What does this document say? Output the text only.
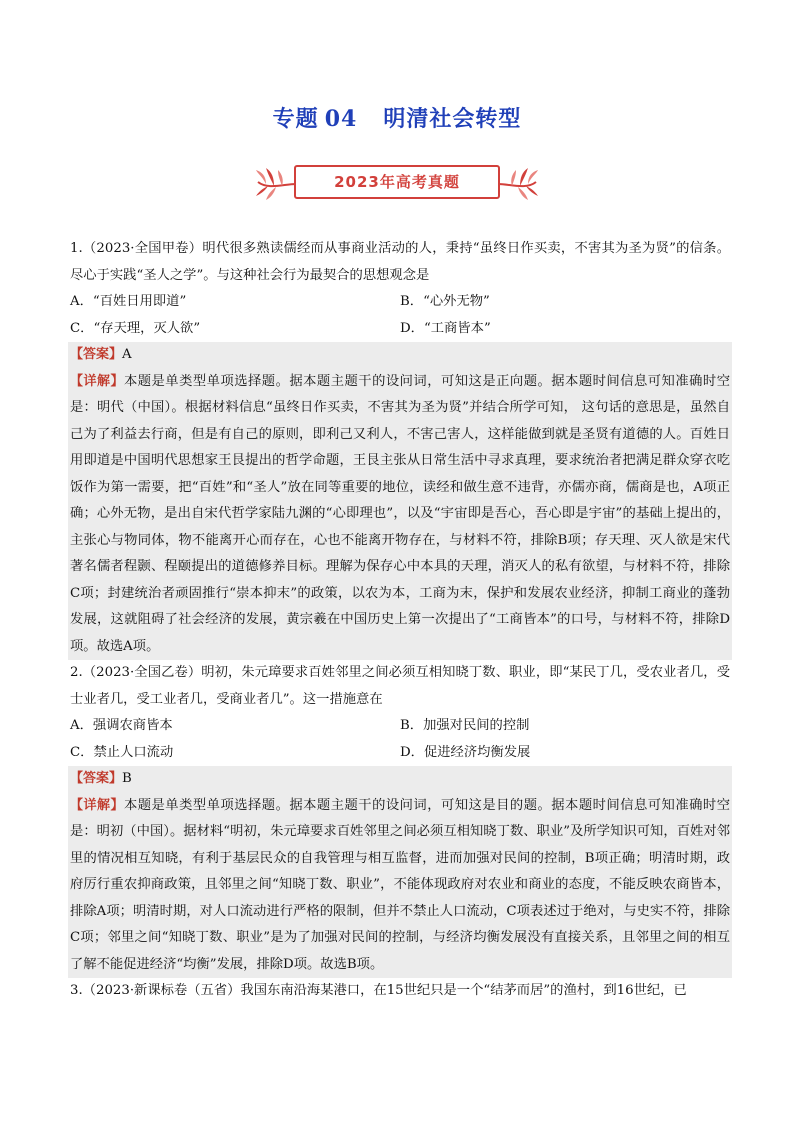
专题 04 明清社会转型
2023年高考真题

1.（2023·全国甲卷）明代很多熟读儒经而从事商业活动的人，秉持“虽终日作买卖，不害其为圣为贤”的信条。尽心于实践“圣人之学”。与这种社会行为最契合的思想观念是

A．“百姓日用即道”	B．“心外无物”
C．“存天理，灭人欲”	D．“工商皆本”
【答案】A
【详解】本题是单类型单项选择题。据本题主题干的设问词，可知这是正向题。据本题时间信息可知准确时空是：明代（中国）。根据材料信息“虽终日作买卖，不害其为圣为贤”并结合所学可知， 这句话的意思是，虽然自己为了利益去行商，但是有自己的原则，即利己又利人，不害己害人，这样能做到就是圣贤有道德的人。百姓日用即道是中国明代思想家王艮提出的哲学命题，王艮主张从日常生活中寻求真理，要求统治者把满足群众穿衣吃饭作为第一需要，把“百姓”和“圣人”放在同等重要的地位，读经和做生意不违背，亦儒亦商，儒商是也，A项正确；心外无物，是出自宋代哲学家陆九渊的“心即理也”，以及“宇宙即是吾心，吾心即是宇宙”的基础上提出的，主张心与物同体，物不能离开心而存在，心也不能离开物存在，与材料不符，排除B项；存天理、灭人欲是宋代著名儒者程颢、程颐提出的道德修养目标。理解为保存心中本具的天理，消灭人的私有欲望，与材料不符，排除C项；封建统治者顽固推行“崇本抑末”的政策，以农为本，工商为末，保护和发展农业经济，抑制工商业的蓬勃发展，这就阻碍了社会经济的发展，黄宗羲在中国历史上第一次提出了“工商皆本”的口号，与材料不符，排除D项。故选A项。

2.（2023·全国乙卷）明初，朱元璋要求百姓邻里之间必须互相知晓丁数、职业，即“某民丁几，受农业者几，受士业者几，受工业者几，受商业者几”。这一措施意在

A．强调农商皆本	B．加强对民间的控制
C．禁止人口流动	D．促进经济均衡发展
【答案】B
【详解】本题是单类型单项选择题。据本题主题干的设问词，可知这是目的题。据本题时间信息可知准确时空是：明初（中国）。据材料“明初，朱元璋要求百姓邻里之间必须互相知晓丁数、职业”及所学知识可知，百姓对邻里的情况相互知晓，有利于基层民众的自我管理与相互监督，进而加强对民间的控制，B项正确；明清时期，政府厉行重农抑商政策，且邻里之间“知晓丁数、职业”，不能体现政府对农业和商业的态度，不能反映农商皆本，排除A项；明清时期，对人口流动进行严格的限制，但并不禁止人口流动，C项表述过于绝对，与史实不符，排除C项；邻里之间“知晓丁数、职业”是为了加强对民间的控制，与经济均衡发展没有直接关系，且邻里之间的相互了解不能促进经济“均衡”发展，排除D项。故选B项。

3.（2023·新课标卷（五省）我国东南沿海某港口，在15世纪只是一个“结茅而居”的渔村，到16世纪，已
